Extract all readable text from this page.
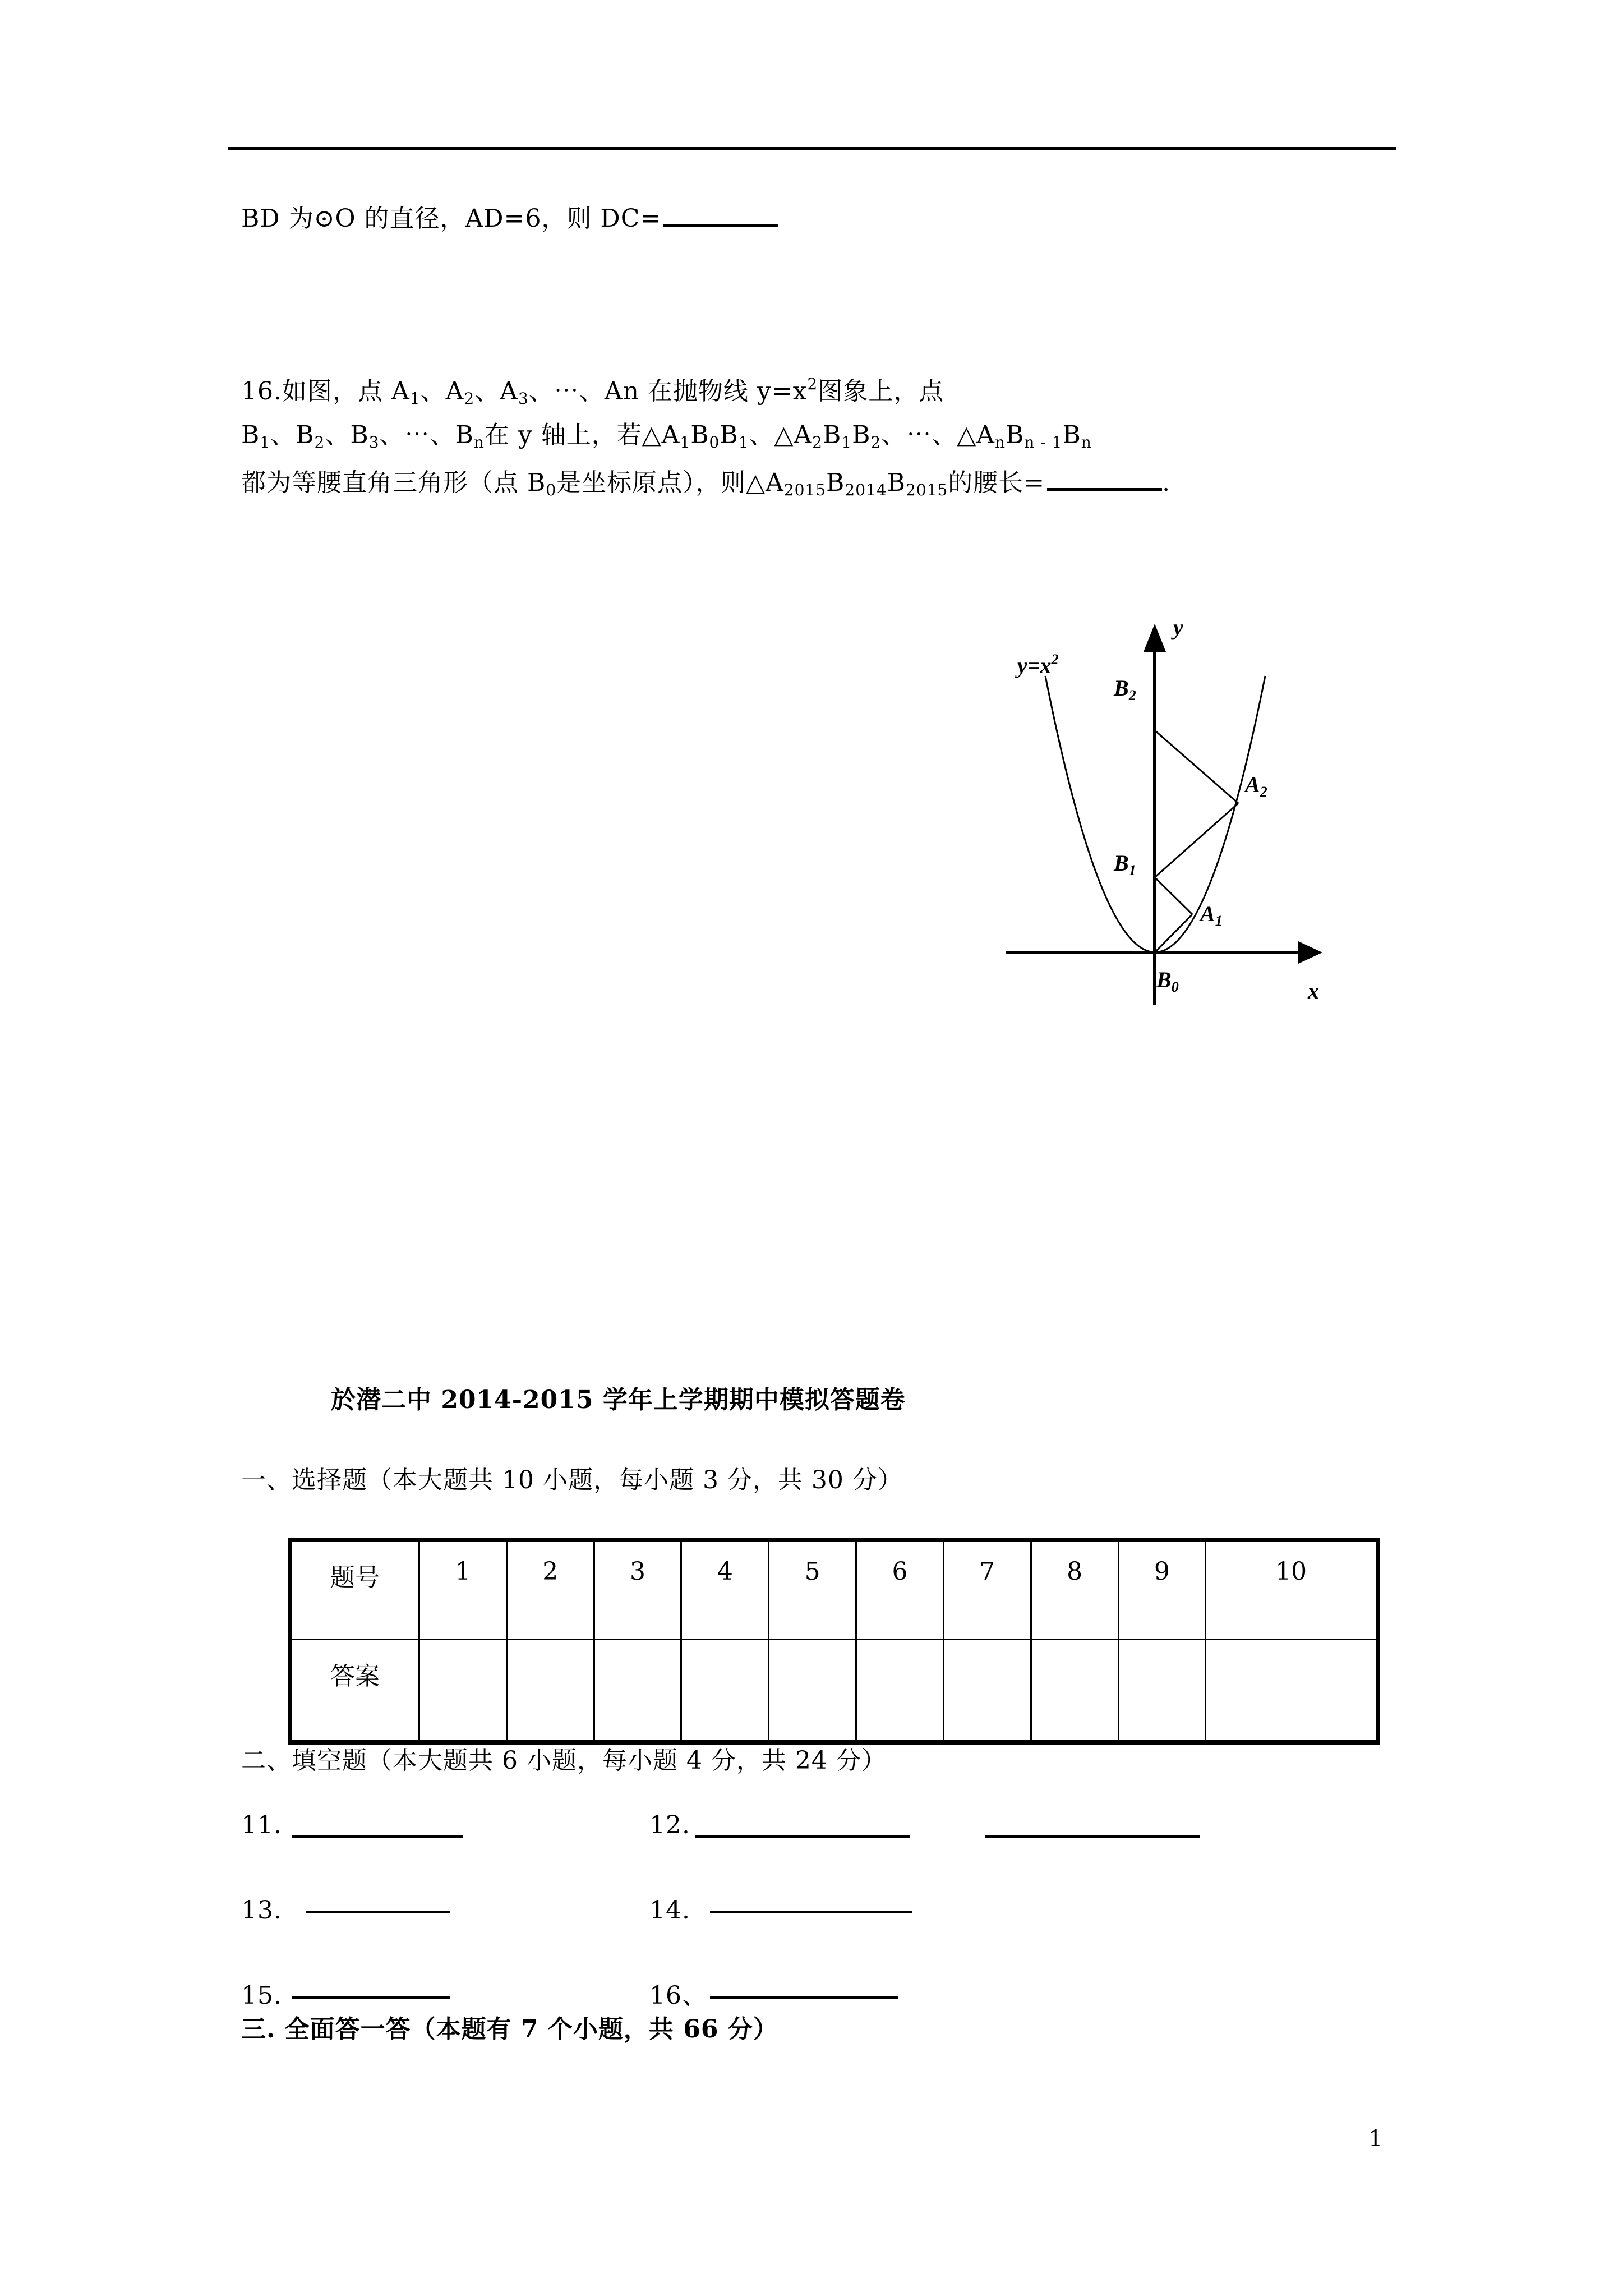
BD 为⊙O 的直径，AD=6，则 DC=
16.如图，点 $A_1$、$A_2$、$A_3$、⋯、An 在抛物线 $y=x^2$图象上，点
$B_1$、$B_2$、$B_3$、⋯、$B_n$在 y 轴上，若$\triangle A_1B_0B_1$、$\triangle A_2B_1B_2$、⋯、$\triangle A_nB_{n - 1}B_n$
都为等腰直角三角形（点 $B_0$是坐标原点），则$\triangle A_{2015}B_{2014}B_{2015}$的腰长=	.
$y=x^2$
y
x
$B_2$
$B_1$
$B_0$
$A_1$
$A_2$
於潜二中 2014-2015 学年上学期期中模拟答题卷
一、选择题（本大题共 10 小题，每小题 3 分，共 30 分）
题号	1	2	3	4	5	6	7	8	9	10
答案										
二、填空题（本大题共 6 小题，每小题 4 分，共 24 分）
11.	12.
13.	14.
15.	16、
三. 全面答一答（本题有 7 个小题，共 66 分）
1
